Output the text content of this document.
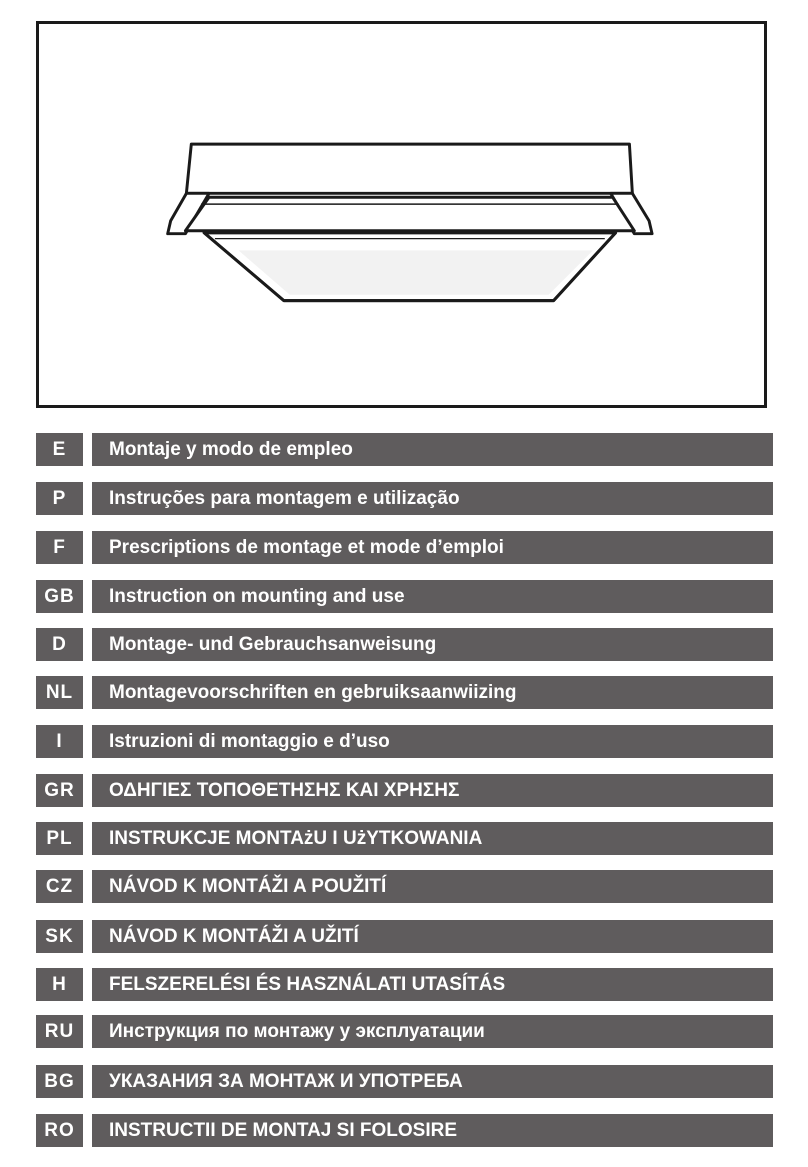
E	Montaje y modo de empleo
P	Instruções para montagem e utilização
F	Prescriptions de montage et mode d’emploi
GB	Instruction on mounting and use
D	Montage- und Gebrauchsanweisung
NL	Montagevoorschriften en gebruiksaanwiizing
I	Istruzioni di montaggio e d’uso
GR	ΟΔΗΓΙΕΣ ΤΟΠΟΘΕΤΗΣΗΣ ΚΑΙ ΧΡΗΣΗΣ
PL	INSTRUKCJE MONTAżU I UżYTKOWANIA
CZ	NÁVOD K MONTÁŽI A POUŽITÍ
SK	NÁVOD K MONTÁŽI A UŽITÍ
H	FELSZERELÉSI ÉS HASZNÁLATI UTASÍTÁS
RU	Инструкция по монтажу у эксплуатации
BG	УКАЗАНИЯ ЗА МОНТАЖ И УПОТРЕБА
RO	INSTRUCTII DE MONTAJ SI FOLOSIRE
